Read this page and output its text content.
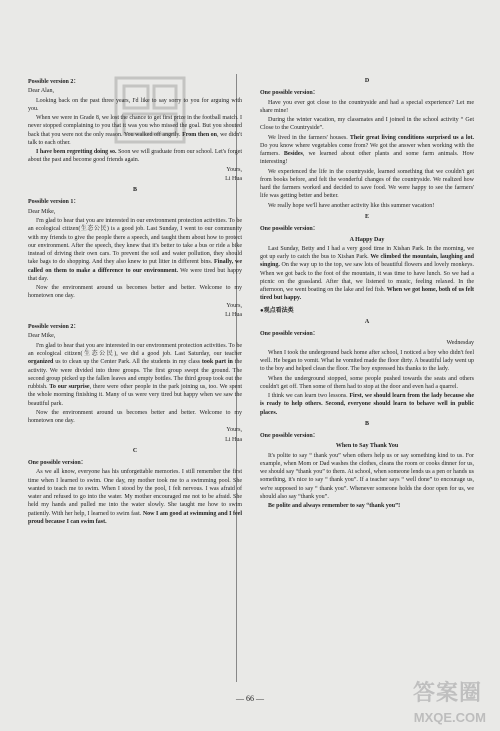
Possible version 2：

Dear Alan,

Looking back on the past three years, I'd like to say sorry to you for arguing with you.

When we were in Grade 8, we lost the chance to get first prize in the football match. I never stopped complaining to you that it was you who missed the goal. But you shouted back that you were not the only reason. You walked off angrily. From then on, we didn't talk to each other.

I have been regretting doing so. Soon we will graduate from our school. Let's forget about the past and become good friends again.

Yours,

Li Hua

B
Possible version 1：

Dear Mike,

I'm glad to hear that you are interested in our environment protection activities. To be an ecological citizen(生态公民) is a good job. Last Sunday, I went to our community with my friends to give the people there a speech, and taught them about how to protect our environment. After the speech, they knew that it's better to take a bus or ride a bike instead of driving their own cars. To prevent the soil and water pollution, they should take bags to do shopping. And they also knew to put litter in different bins. Finally, we called on them to make a difference to our environment. We were tired but happy that day.

Now the environment around us becomes better and better. Welcome to my hometown one day.

Yours,

Li Hua

Possible version 2：

Dear Mike,

I'm glad to hear that you are interested in our environment protection activities. To be an ecological citizen(生态公民), we did a good job. Last Saturday, our teacher organized us to clean up the Center Park. All the students in my class took part in the activity. We were divided into three groups. The first group swept the ground. The second group picked up the fallen leaves and empty bottles. The third group took out the rubbish. To our surprise, there were other people in the park joining us, too. We spent the whole morning finishing it. Many of us were very tired but happy when we saw the beautiful park.

Now the environment around us becomes better and better. Welcome to my hometown one day.

Yours,

Li Hua

C
One possible version：

As we all know, everyone has his unforgettable memories. I still remember the first time when I learned to swim. One day, my mother took me to a swimming pool. She wanted to teach me to swim. When I stood by the pool, I felt nervous. I was afraid of water and refused to go into the water. My mother encouraged me not to be afraid. She held my hands and pulled me into the water slowly. She taught me how to swim patiently. With her help, I learned to swim fast. Now I am good at swimming and I feel proud because I can swim fast.

D
One possible version：

Have you ever got close to the countryside and had a special experience? Let me share mine!

During the winter vacation, my classmates and I joined in the school activity “ Get Close to the Countryside”.

We lived in the farmers' houses. Their great living conditions surprised us a lot. Do you know where vegetables come from? We got the answer when working with the farmers. Besides, we learned about other plants and some farm animals. How interesting!

We experienced the life in the countryside, learned something that we couldn't get from books before, and felt the wonderful changes of the countryside. We realized how hard the farmers worked and decided to save food. We were happy to see the farmers' life was getting better and better.

We really hope we'll have another activity like this summer vacation!

E
One possible version：
A Happy Day

Last Sunday, Betty and I had a very good time in Xishan Park. In the morning, we got up early to catch the bus to Xishan Park. We climbed the mountain, laughing and singing. On the way up to the top, we saw lots of beautiful flowers and lovely monkeys. When we got back to the foot of the mountain, it was time to have lunch. So we had a picnic on the grassland. After that, we listened to music, feeling relaxed. In the afternoon, we went boating on the lake and fed fish. When we got home, both of us felt tired but happy.

●观点看法类
A
One possible version：

Wednesday

When I took the underground back home after school, I noticed a boy who didn't feel well. He began to vomit. What he vomited made the floor dirty. A beautiful lady went up to the boy and helped clean the floor. The boy expressed his thanks to the lady.

When the underground stopped, some people pushed towards the seats and others couldn't get off. Then some of them had to stop at the door and even had a quarrel.

I think we can learn two lessons. First, we should learn from the lady because she is ready to help others. Second, everyone should learn to behave well in public places.

B
One possible version：
When to Say Thank You

It's polite to say “ thank you” when others help us or say something kind to us. For example, when Mom or Dad washes the clothes, cleans the room or cooks dinner for us, we should say “thank you” to them. At school, when someone lends us a pen or hands us something, it's nice to say “ thank you”. If a teacher says “ well done” to encourage us, we're supposed to say “ thank you”. Whenever someone holds the door open for us, we should also say “thank you”.

Be polite and always remember to say “thank you”!

— 66 —	答案圈
MXQE.COM
